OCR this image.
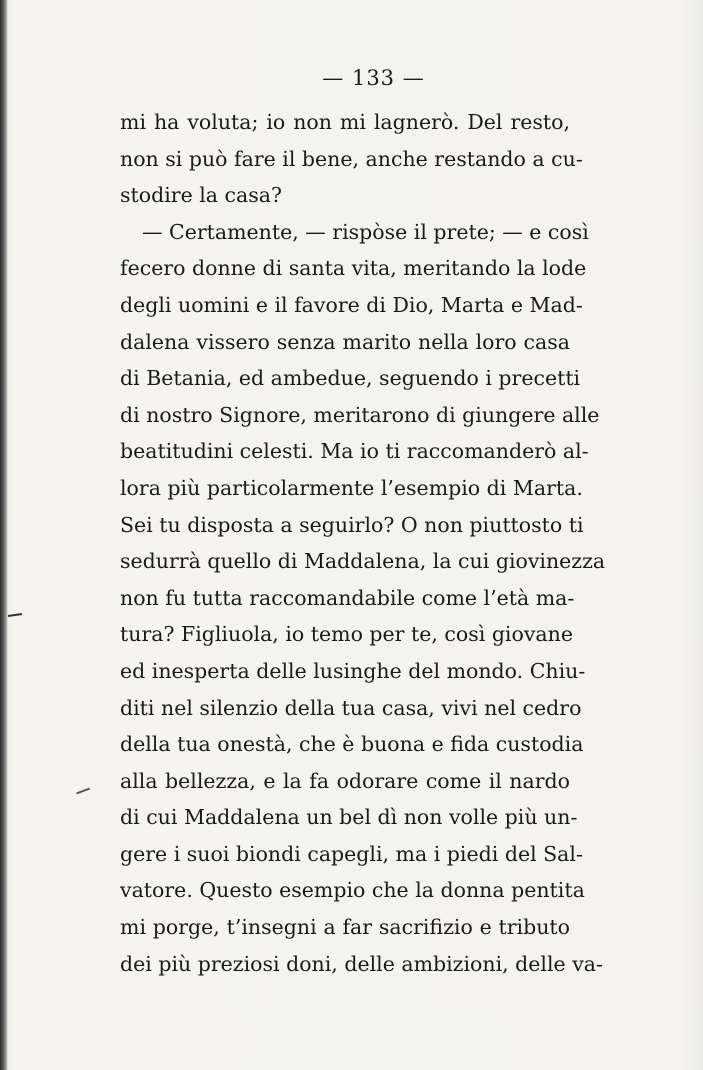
— 133 —
mi ha voluta; io non mi lagnerò. Del resto,
non si può fare il bene, anche restando a cu-
stodire la casa?
— Certamente, — rispòse il prete; — e così
fecero donne di santa vita, meritando la lode
degli uomini e il favore di Dio, Marta e Mad-
dalena vissero senza marito nella loro casa
di Betania, ed ambedue, seguendo i precetti
di nostro Signore, meritarono di giungere alle
beatitudini celesti. Ma io ti raccomanderò al-
lora più particolarmente l’esempio di Marta.
Sei tu disposta a seguirlo? O non piuttosto ti
sedurrà quello di Maddalena, la cui giovinezza
non fu tutta raccomandabile come l’età ma-
tura? Figliuola, io temo per te, così giovane
ed inesperta delle lusinghe del mondo. Chiu-
diti nel silenzio della tua casa, vivi nel cedro
della tua onestà, che è buona e fida custodia
alla bellezza, e la fa odorare come il nardo
di cui Maddalena un bel dì non volle più un-
gere i suoi biondi capegli, ma i piedi del Sal-
vatore. Questo esempio che la donna pentita
mi porge, t’insegni a far sacrifizio e tributo
dei più preziosi doni, delle ambizioni, delle va-
